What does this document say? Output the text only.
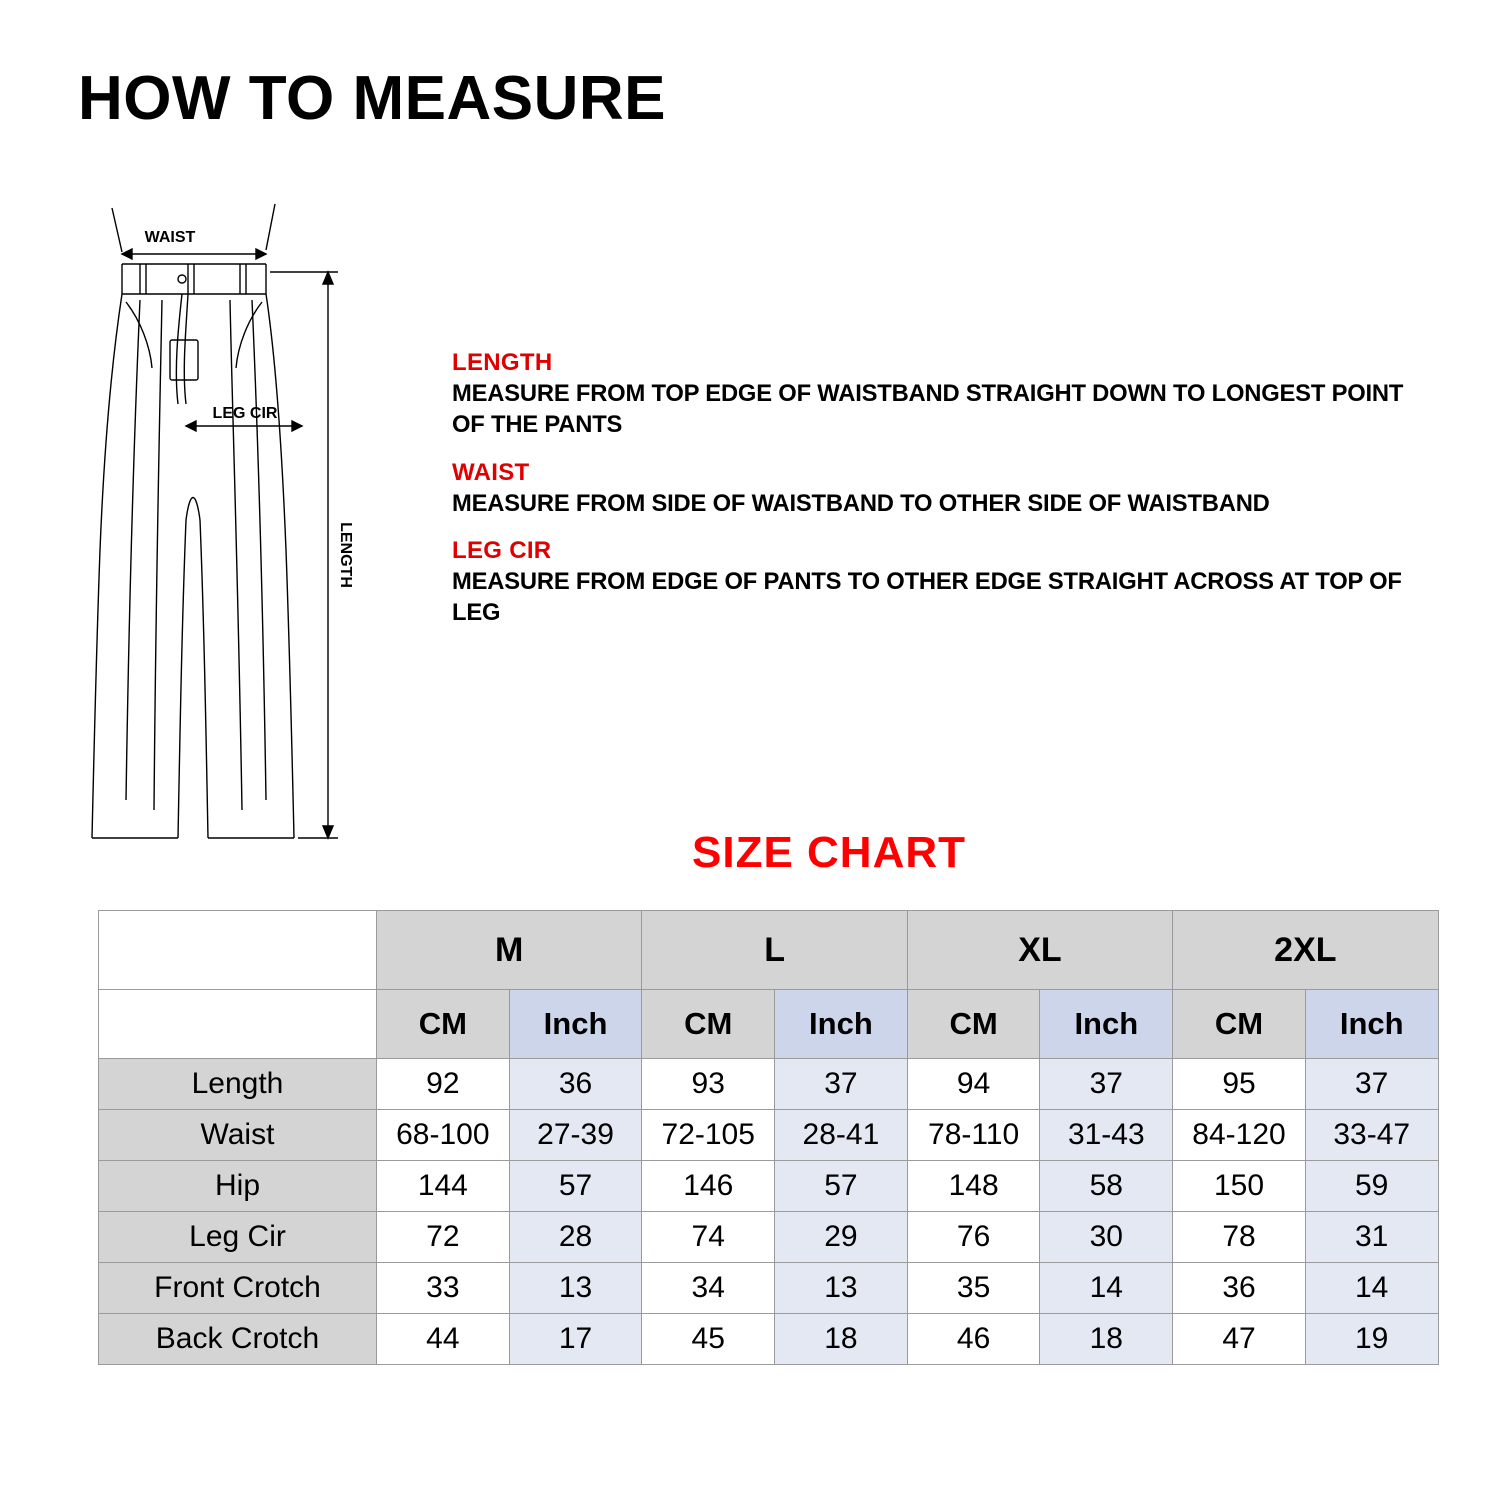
HOW TO MEASURE
WAIST
LEG CIR
LENGTH
LENGTH
MEASURE FROM TOP EDGE OF WAISTBAND STRAIGHT DOWN TO LONGEST POINT OF THE PANTS
WAIST
MEASURE FROM SIDE OF WAISTBAND TO OTHER SIDE OF WAISTBAND
LEG CIR
MEASURE FROM EDGE OF PANTS TO OTHER EDGE STRAIGHT ACROSS AT TOP OF LEG
SIZE CHART
	M		L		XL		2XL	
	CM	Inch	CM	Inch	CM	Inch	CM	Inch
Length	92	36	93	37	94	37	95	37
Waist	68-100	27-39	72-105	28-41	78-110	31-43	84-120	33-47
Hip	144	57	146	57	148	58	150	59
Leg Cir	72	28	74	29	76	30	78	31
Front Crotch	33	13	34	13	35	14	36	14
Back Crotch	44	17	45	18	46	18	47	19
